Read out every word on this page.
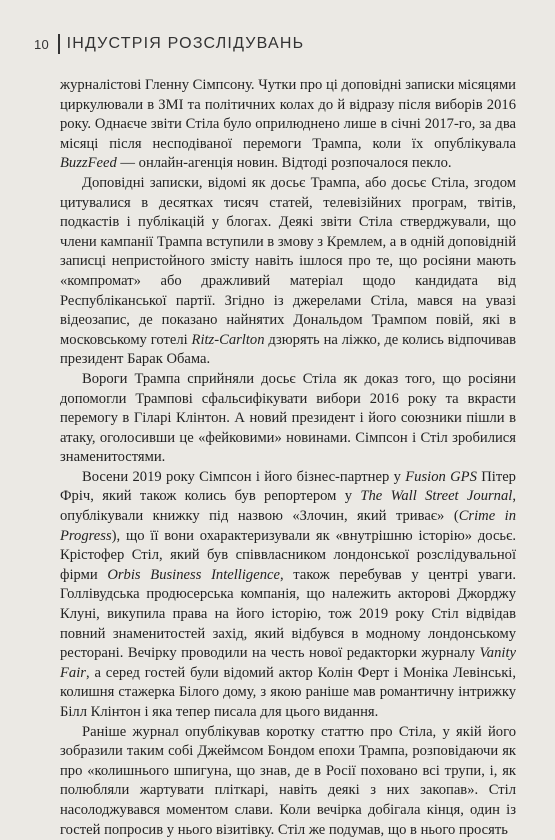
10 ІНДУСТРІЯ РОЗСЛІДУВАНЬ

журналістові Гленну Сімпсону. Чутки про ці доповідні записки місяцями циркулювали в ЗМІ та політичних колах до й відразу після виборів 2016 року. Однаєче звіти Стіла було оприлюднено лише в січні 2017-го, за два місяці після несподіваної перемоги Трампа, коли їх опублікувала BuzzFeed — онлайн-агенція новин. Відтоді розпочалося пекло.

Доповідні записки, відомі як досьє Трампа, або досьє Стіла, згодом цитувалися в десятках тисяч статей, телевізійних програм, твітів, подкастів і публікацій у блогах. Деякі звіти Стіла стверджували, що члени кампанії Трампа вступили в змову з Кремлем, а в одній доповідній записці непристойного змісту навіть ішлося про те, що росіяни мають «компромат» або дражливий матеріал щодо кандидата від Республіканської партії. Згідно із джерелами Стіла, мався на увазі відеозапис, де показано найнятих Дональдом Трампом повій, які в московському готелі Ritz-Carlton дзюрять на ліжко, де колись відпочивав президент Барак Обама.

Вороги Трампа сприйняли досьє Стіла як доказ того, що росіяни допомогли Трампові сфальсифікувати вибори 2016 року та вкрасти перемогу в Гіларі Клінтон. А новий президент і його союзники пішли в атаку, оголосивши це «фейковими» новинами. Сімпсон і Стіл зробилися знаменитостями.

Восени 2019 року Сімпсон і його бізнес-партнер у Fusion GPS Пітер Фріч, який також колись був репортером у The Wall Street Journal, опублікували книжку під назвою «Злочин, який триває» (Crime in Progress), що її вони охарактеризували як «внутрішню історію» досьє. Крістофер Стіл, який був співвласником лондонської розслідувальної фірми Orbis Business Intelligence, також перебував у центрі уваги. Голлівудська продюсерська компанія, що належить акторові Джорджу Клуні, викупила права на його історію, тож 2019 року Стіл відвідав повний знаменитостей захід, який відбувся в модному лондонському ресторані. Вечірку проводили на честь нової редакторки журналу Vanity Fair, а серед гостей були відомий актор Колін Ферт і Моніка Левінські, колишня стажерка Білого дому, з якою раніше мав романтичну інтрижку Білл Клінтон і яка тепер писала для цього видання.

Раніше журнал опублікував коротку статтю про Стіла, у якій його зобразили таким собі Джеймсом Бондом епохи Трампа, розповідаючи як про «колишнього шпигуна, що знав, де в Росії поховано всі трупи, і, як полюбляли жартувати пліткарі, навіть деякі з них закопав». Стіл насолоджувався моментом слави. Коли вечірка добігала кінця, один із гостей попросив у нього візитівку. Стіл же подумав, що в нього просять
